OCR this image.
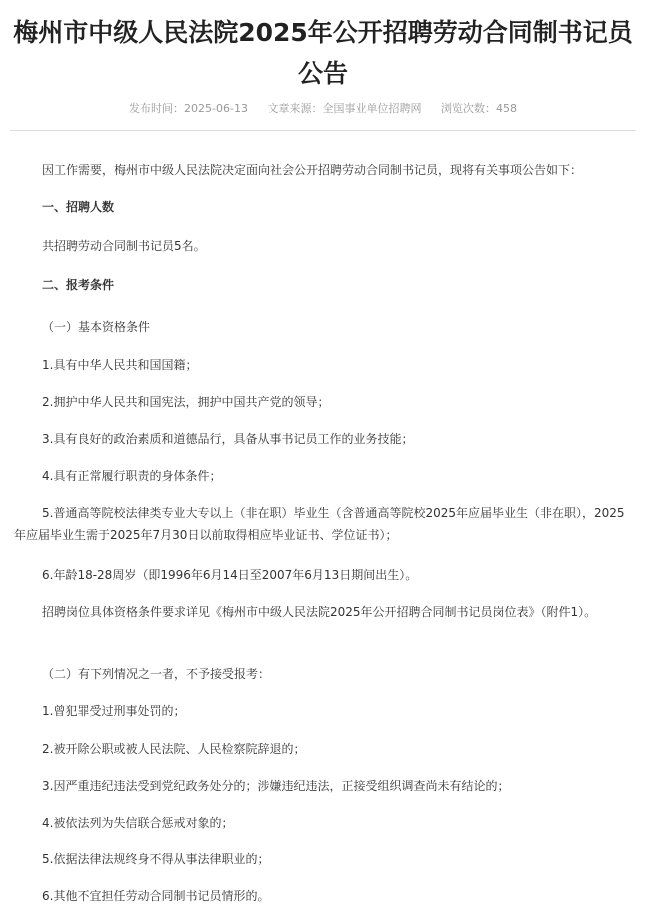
梅州市中级人民法院2025年公开招聘劳动合同制书记员公告
发布时间：2025-06-13 文章来源：全国事业单位招聘网 浏览次数：458

因工作需要，梅州市中级人民法院决定面向社会公开招聘劳动合同制书记员，现将有关事项公告如下：

一、招聘人数

共招聘劳动合同制书记员5名。

二、报考条件

（一）基本资格条件

1.具有中华人民共和国国籍；

2.拥护中华人民共和国宪法，拥护中国共产党的领导；

3.具有良好的政治素质和道德品行，具备从事书记员工作的业务技能；

4.具有正常履行职责的身体条件；

5.普通高等院校法律类专业大专以上（非在职）毕业生（含普通高等院校2025年应届毕业生（非在职），2025年应届毕业生需于2025年7月30日以前取得相应毕业证书、学位证书）；

6.年龄18-28周岁（即1996年6月14日至2007年6月13日期间出生）。

招聘岗位具体资格条件要求详见《梅州市中级人民法院2025年公开招聘合同制书记员岗位表》（附件1）。

（二）有下列情况之一者，不予接受报考：

1.曾犯罪受过刑事处罚的；

2.被开除公职或被人民法院、人民检察院辞退的；

3.因严重违纪违法受到党纪政务处分的；涉嫌违纪违法，正接受组织调查尚未有结论的；

4.被依法列为失信联合惩戒对象的；

5.依据法律法规终身不得从事法律职业的；

6.其他不宜担任劳动合同制书记员情形的。
